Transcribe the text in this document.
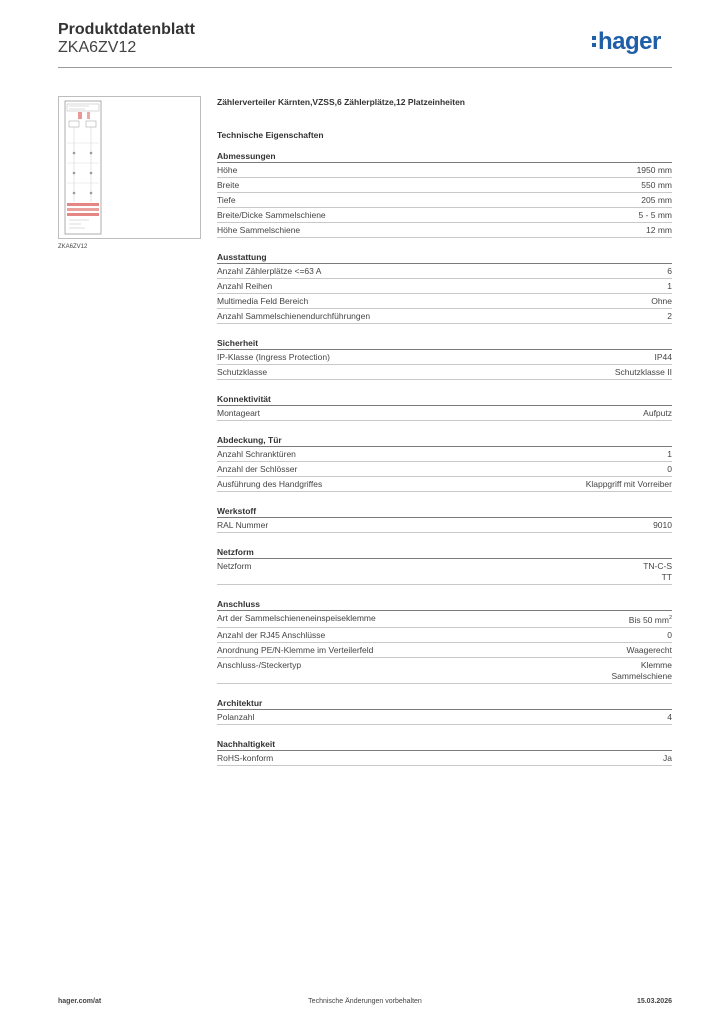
Produktdatenblatt
ZKA6ZV12	hager
ZKA6ZV12
Zählerverteiler Kärnten,VZSS,6 Zählerplätze,12 Platzeinheiten
Technische Eigenschaften
Abmessungen
Höhe	1950 mm
Breite	550 mm
Tiefe	205 mm
Breite/Dicke Sammelschiene	5 - 5 mm
Höhe Sammelschiene	12 mm
Ausstattung
Anzahl Zählerplätze <=63 A	6
Anzahl Reihen	1
Multimedia Feld Bereich	Ohne
Anzahl Sammelschienendurchführungen	2
Sicherheit
IP-Klasse (Ingress Protection)	IP44
Schutzklasse	Schutzklasse II
Konnektivität
Montageart	Aufputz
Abdeckung, Tür
Anzahl Schranktüren	1
Anzahl der Schlösser	0
Ausführung des Handgriffes	Klappgriff mit Vorreiber
Werkstoff
RAL Nummer	9010
Netzform
Netzform	TN-C-S
TT
Anschluss
Art der Sammelschieneneinspeiseklemme	Bis 50 $mm^2$
Anzahl der RJ45 Anschlüsse	0
Anordnung PE/N-Klemme im Verteilerfeld	Waagerecht
Anschluss-/Steckertyp	Klemme
Sammelschiene
Architektur
Polanzahl	4
Nachhaltigkeit
RoHS-konform	Ja
hager.com/at	Technische Änderungen vorbehalten	15.03.2026
